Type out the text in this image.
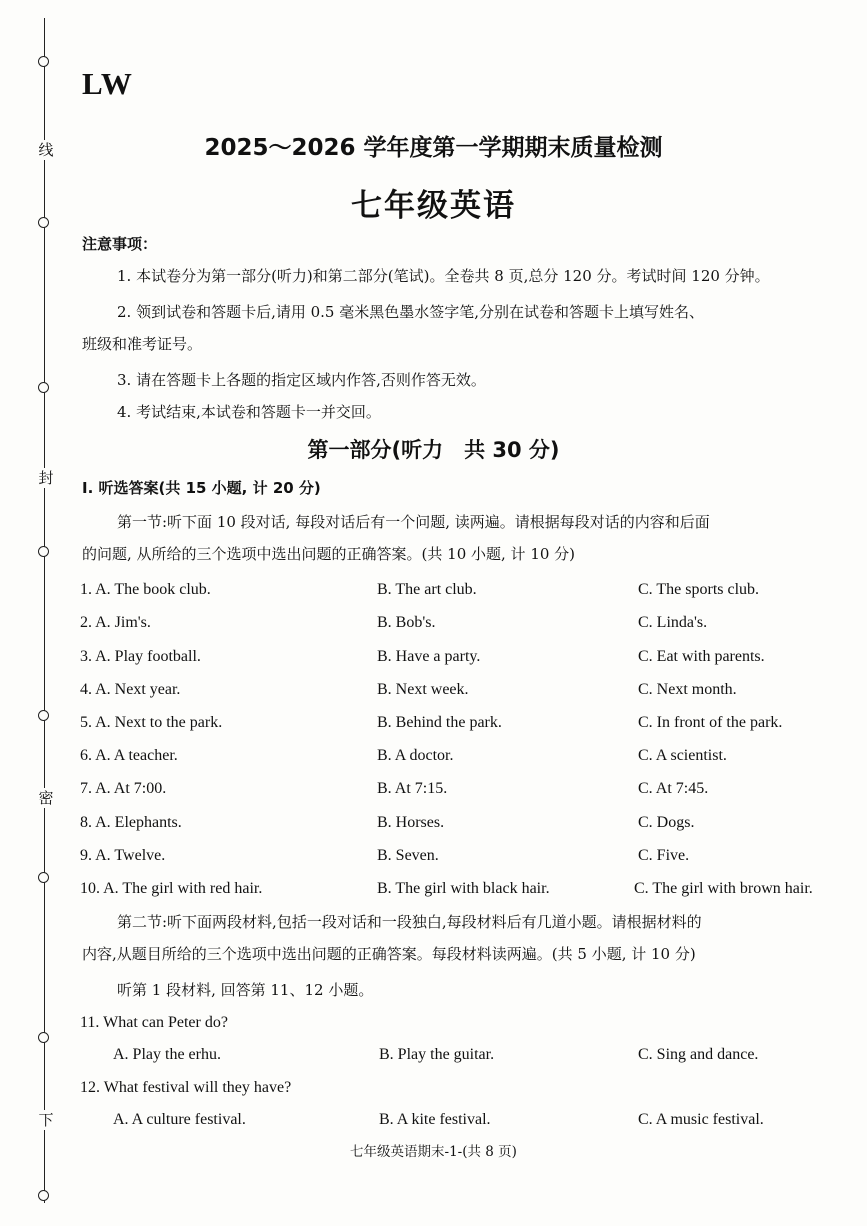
线
封
密
下
LW
2025～2026 学年度第一学期期末质量检测
七年级英语
注意事项：
1. 本试卷分为第一部分(听力)和第二部分(笔试)。全卷共 8 页,总分 120 分。考试时间 120 分钟。
2. 领到试卷和答题卡后,请用 0.5 毫米黑色墨水签字笔,分别在试卷和答题卡上填写姓名、
班级和准考证号。
3. 请在答题卡上各题的指定区域内作答,否则作答无效。
4. 考试结束,本试卷和答题卡一并交回。
第一部分(听力　共 30 分)
Ⅰ. 听选答案(共 15 小题, 计 20 分)
第一节:听下面 10 段对话, 每段对话后有一个问题, 读两遍。请根据每段对话的内容和后面
的问题, 从所给的三个选项中选出问题的正确答案。(共 10 小题, 计 10 分)
1. A. The book club.	B. The art club.	C. The sports club.
2. A. Jim's.	B. Bob's.	C. Linda's.
3. A. Play football.	B. Have a party.	C. Eat with parents.
4. A. Next year.	B. Next week.	C. Next month.
5. A. Next to the park.	B. Behind the park.	C. In front of the park.
6. A. A teacher.	B. A doctor.	C. A scientist.
7. A. At 7:00.	B. At 7:15.	C. At 7:45.
8. A. Elephants.	B. Horses.	C. Dogs.
9. A. Twelve.	B. Seven.	C. Five.
10. A. The girl with red hair.	B. The girl with black hair.	C. The girl with brown hair.
第二节:听下面两段材料,包括一段对话和一段独白,每段材料后有几道小题。请根据材料的
内容,从题目所给的三个选项中选出问题的正确答案。每段材料读两遍。(共 5 小题, 计 10 分)
听第 1 段材料, 回答第 11、12 小题。
11. What can Peter do?
A. Play the erhu.	B. Play the guitar.	C. Sing and dance.
12. What festival will they have?
A. A culture festival.	B. A kite festival.	C. A music festival.
七年级英语期末-1-(共 8 页)
